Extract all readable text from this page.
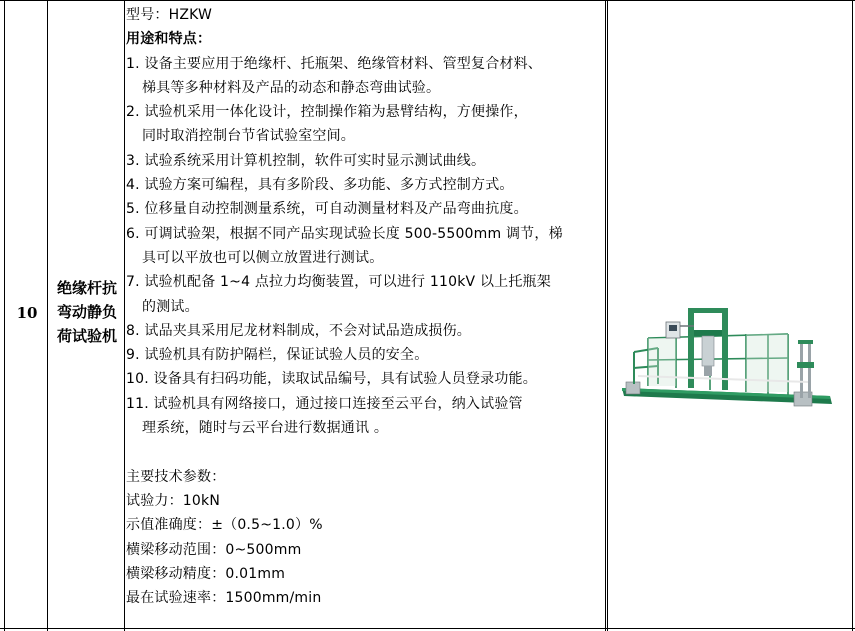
10
绝缘杆抗
弯动静负
荷试验机
型号：HZKW
用途和特点：
1. 设备主要应用于绝缘杆、托瓶架、绝缘管材料、管型复合材料、
梯具等多种材料及产品的动态和静态弯曲试验。
2. 试验机采用一体化设计，控制操作箱为悬臂结构，方便操作，
同时取消控制台节省试验室空间。
3. 试验系统采用计算机控制，软件可实时显示测试曲线。
4. 试验方案可编程，具有多阶段、多功能、多方式控制方式。
5. 位移量自动控制测量系统，可自动测量材料及产品弯曲抗度。
6. 可调试验架，根据不同产品实现试验长度 500-5500mm 调节，梯
具可以平放也可以侧立放置进行测试。
7. 试验机配备 1~4 点拉力均衡装置，可以进行 110kV 以上托瓶架
的测试。
8. 试品夹具采用尼龙材料制成，不会对试品造成损伤。
9. 试验机具有防护隔栏，保证试验人员的安全。
10. 设备具有扫码功能，读取试品编号，具有试验人员登录功能。
11. 试验机具有网络接口，通过接口连接至云平台，纳入试验管
理系统，随时与云平台进行数据通讯 。
主要技术参数：
试验力：10kN
示值准确度：±（0.5~1.0）%
横梁移动范围：0~500mm
横梁移动精度：0.01mm
最在试验速率：1500mm/min
